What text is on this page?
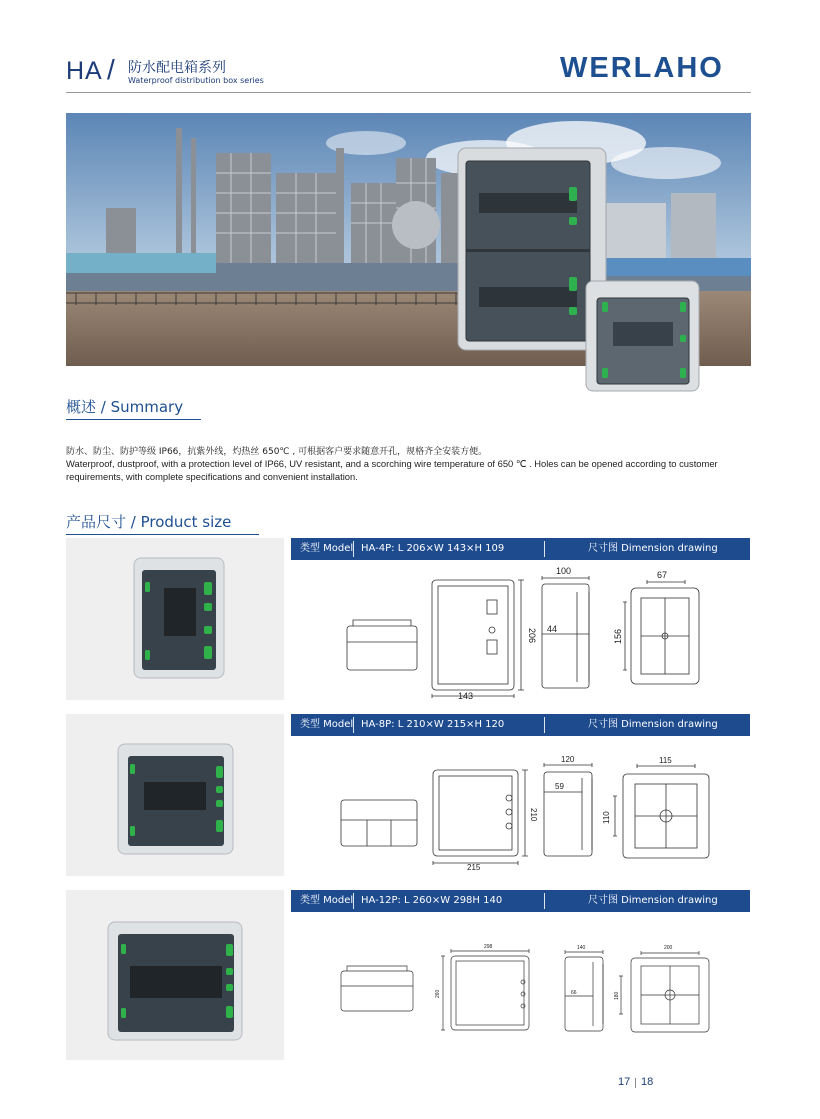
HA / 防水配电箱系列
Waterproof distribution box series	WERLAHO
概述 / Summary
防水、防尘、防护等级 IP66，抗紫外线，灼热丝 650℃ , 可根据客户要求随意开孔，规格齐全安装方便。
Waterproof, dustproof, with a protection level of IP66, UV resistant, and a scorching wire temperature of 650 ℃ . Holes can be opened according to customer requirements, with complete specifications and convenient installation.
产品尺寸 / Product size
类型 Model HA-4P: L 206×W 143×H 109	尺寸图 Dimension drawing
143
206
100
44
67
156
类型 Model HA-8P: L 210×W 215×H 120	尺寸图 Dimension drawing
215
210
120
59
115
110
类型 Model HA-12P: L 260×W 298H 140	尺寸图 Dimension drawing
298
260
140
66
200
180
17 18
